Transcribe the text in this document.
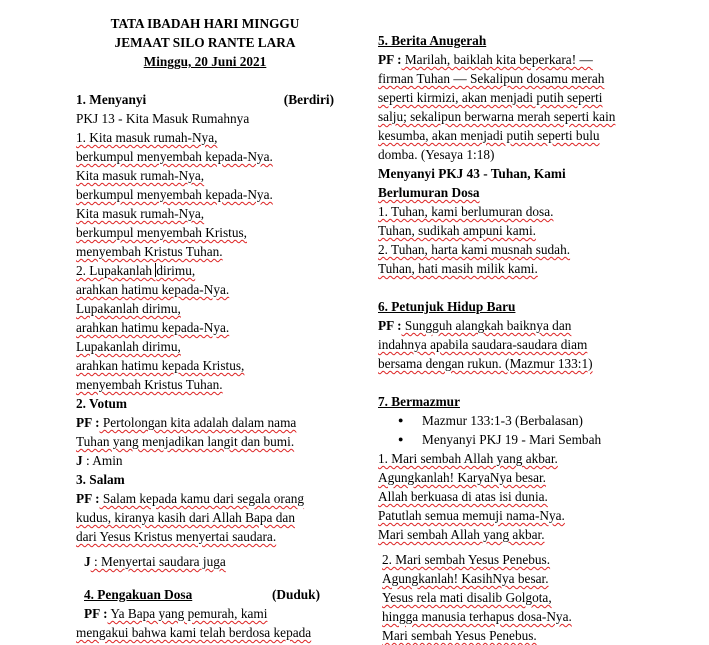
TATA IBADAH HARI MINGGU
JEMAAT SILO RANTE LARA
Minggu, 20 Juni 2021
1. Menyanyi	(Berdiri)
PKJ 13 - Kita Masuk Rumahnya
1. Kita masuk rumah-Nya,
berkumpul menyembah kepada-Nya.
Kita masuk rumah-Nya,
berkumpul menyembah kepada-Nya.
Kita masuk rumah-Nya,
berkumpul menyembah Kristus,
menyembah Kristus Tuhan.
2. Lupakanlah dirimu,
arahkan hatimu kepada-Nya.
Lupakanlah dirimu,
arahkan hatimu kepada-Nya.
Lupakanlah dirimu,
arahkan hatimu kepada Kristus,
menyembah Kristus Tuhan.
2. Votum
PF : Pertolongan kita adalah dalam nama
Tuhan yang menjadikan langit dan bumi.
J : Amin
3. Salam
PF : Salam kepada kamu dari segala orang
kudus, kiranya kasih dari Allah Bapa dan
dari Yesus Kristus menyertai saudara.
J : Menyertai saudara juga
4. Pengakuan Dosa	(Duduk)
PF : Ya Bapa yang pemurah, kami
mengakui bahwa kami telah berdosa kepada
5. Berita Anugerah
PF : Marilah, baiklah kita beperkara! —
firman Tuhan — Sekalipun dosamu merah
seperti kirmizi, akan menjadi putih seperti
salju; sekalipun berwarna merah seperti kain
kesumba, akan menjadi putih seperti bulu
domba. (Yesaya 1:18)
Menyanyi PKJ 43 - Tuhan, Kami
Berlumuran Dosa
1. Tuhan, kami berlumuran dosa.
Tuhan, sudikah ampuni kami.
2. Tuhan, harta kami musnah sudah.
Tuhan, hati masih milik kami.
6. Petunjuk Hidup Baru
PF : Sungguh alangkah baiknya dan
indahnya apabila saudara-saudara diam
bersama dengan rukun. (Mazmur 133:1)
7. Bermazmur
● Mazmur 133:1-3 (Berbalasan)
● Menyanyi PKJ 19 - Mari Sembah
1. Mari sembah Allah yang akbar.
Agungkanlah! KaryaNya besar.
Allah berkuasa di atas isi dunia.
Patutlah semua memuji nama-Nya.
Mari sembah Allah yang akbar.
2. Mari sembah Yesus Penebus.
Agungkanlah! KasihNya besar.
Yesus rela mati disalib Golgota,
hingga manusia terhapus dosa-Nya.
Mari sembah Yesus Penebus.
